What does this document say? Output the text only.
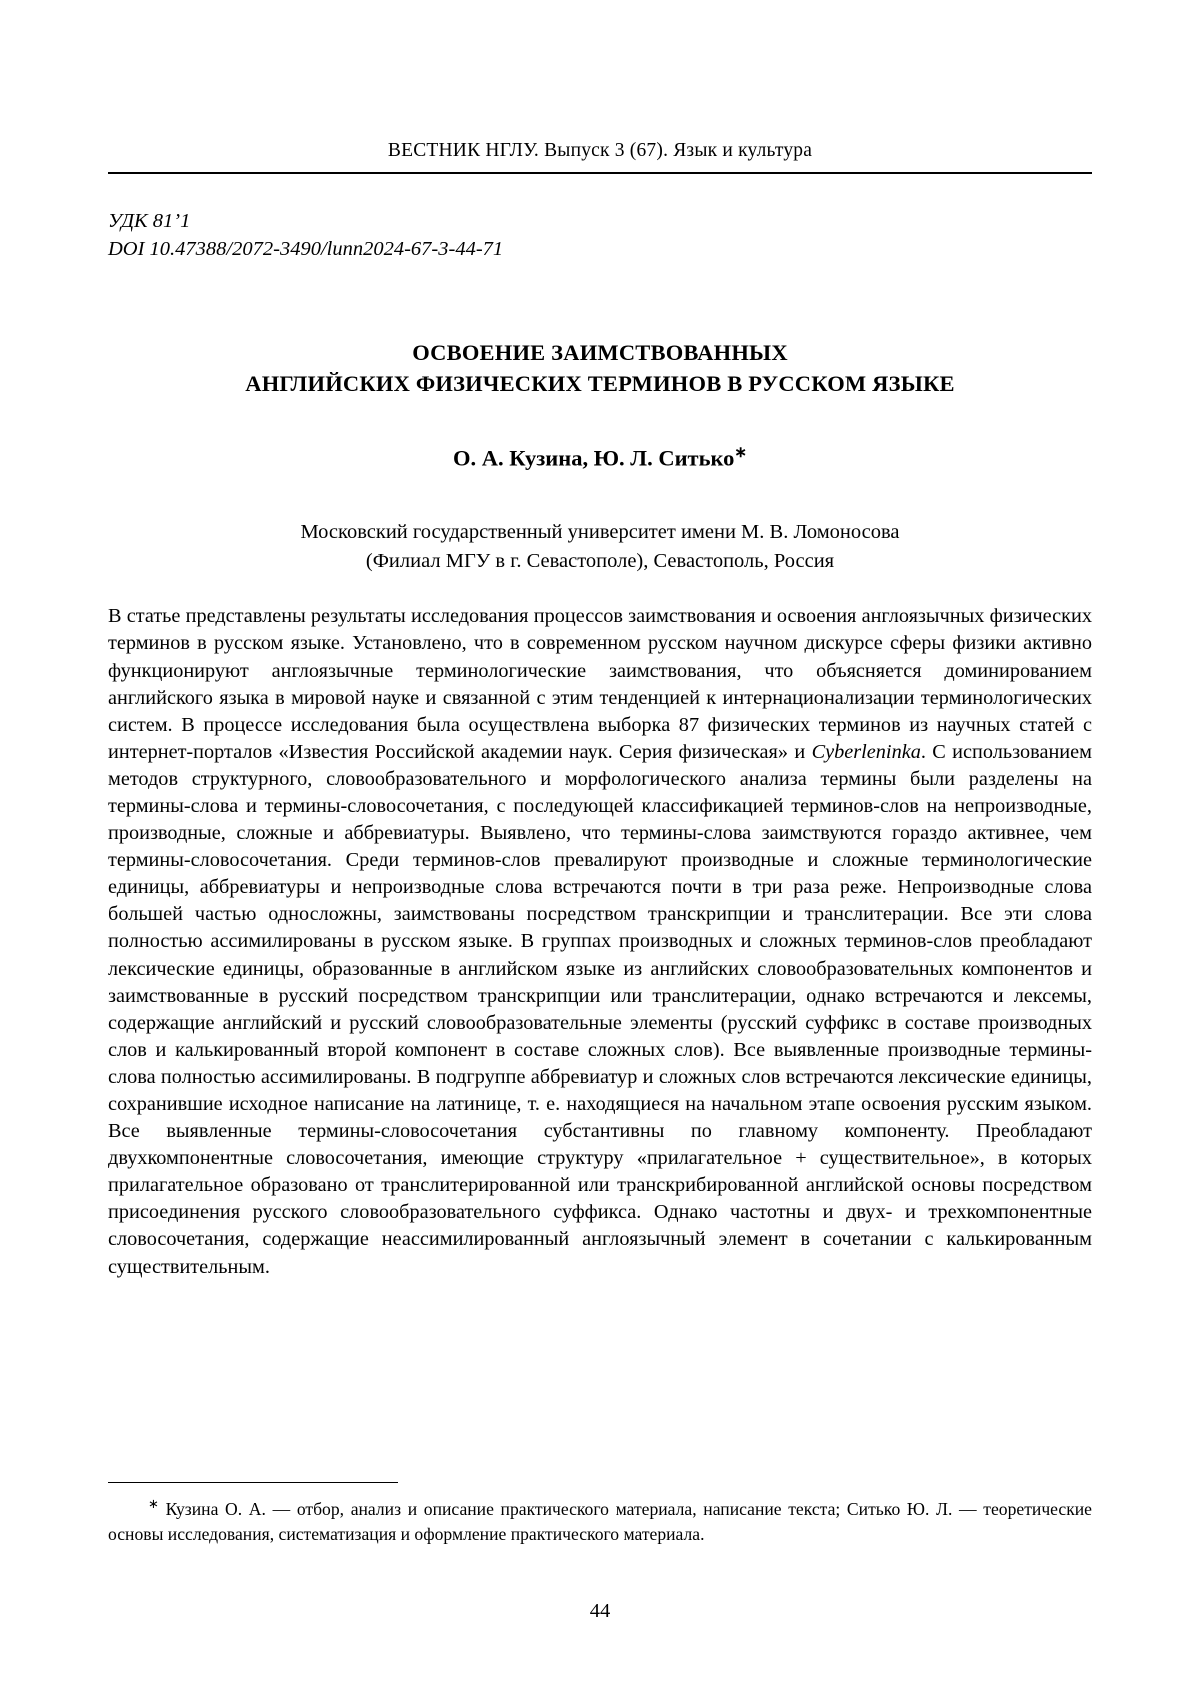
ВЕСТНИК НГЛУ. Выпуск 3 (67). Язык и культура
УДК 81’1
DOI 10.47388/2072-3490/lunn2024-67-3-44-71
ОСВОЕНИЕ ЗАИМСТВОВАННЫХ
АНГЛИЙСКИХ ФИЗИЧЕСКИХ ТЕРМИНОВ В РУССКОМ ЯЗЫКЕ
О. А. Кузина, Ю. Л. Ситько∗
Московский государственный университет имени М. В. Ломоносова
(Филиал МГУ в г. Севастополе), Севастополь, Россия
В статье представлены результаты исследования процессов заимствования и освоения англоязычных физических терминов в русском языке. Установлено, что в современном русском научном дискурсе сферы физики активно функционируют англоязычные терминологические заимствования, что объясняется доминированием английского языка в мировой науке и связанной с этим тенденцией к интернационализации терминологических систем. В процессе исследования была осуществлена выборка 87 физических терминов из научных статей с интернет-порталов «Известия Российской академии наук. Серия физическая» и Cyberleninka. С использованием методов структурного, словообразовательного и морфологического анализа термины были разделены на термины-слова и термины-словосочетания, с последующей классификацией терминов-слов на непроизводные, производные, сложные и аббревиатуры. Выявлено, что термины-слова заимствуются гораздо активнее, чем термины-словосочетания. Среди терминов-слов превалируют производные и сложные терминологические единицы, аббревиатуры и непроизводные слова встречаются почти в три раза реже. Непроизводные слова большей частью односложны, заимствованы посредством транскрипции и транслитерации. Все эти слова полностью ассимилированы в русском языке. В группах производных и сложных терминов-слов преобладают лексические единицы, образованные в английском языке из английских словообразовательных компонентов и заимствованные в русский посредством транскрипции или транслитерации, однако встречаются и лексемы, содержащие английский и русский словообразовательные элементы (русский суффикс в составе производных слов и калькированный второй компонент в составе сложных слов). Все выявленные производные термины-слова полностью ассимилированы. В подгруппе аббревиатур и сложных слов встречаются лексические единицы, сохранившие исходное написание на латинице, т. е. находящиеся на начальном этапе освоения русским языком. Все выявленные термины-словосочетания субстантивны по главному компоненту. Преобладают двухкомпонентные словосочетания, имеющие структуру «прилагательное + существительное», в которых прилагательное образовано от транслитерированной или транскрибированной английской основы посредством присоединения русского словообразовательного суффикса. Однако частотны и двух- и трехкомпонентные словосочетания, содержащие неассимилированный англоязычный элемент в сочетании с калькированным существительным.
∗ Кузина О. А. — отбор, анализ и описание практического материала, написание текста; Ситько Ю. Л. — теоретические основы исследования, систематизация и оформление практического материала.
44
